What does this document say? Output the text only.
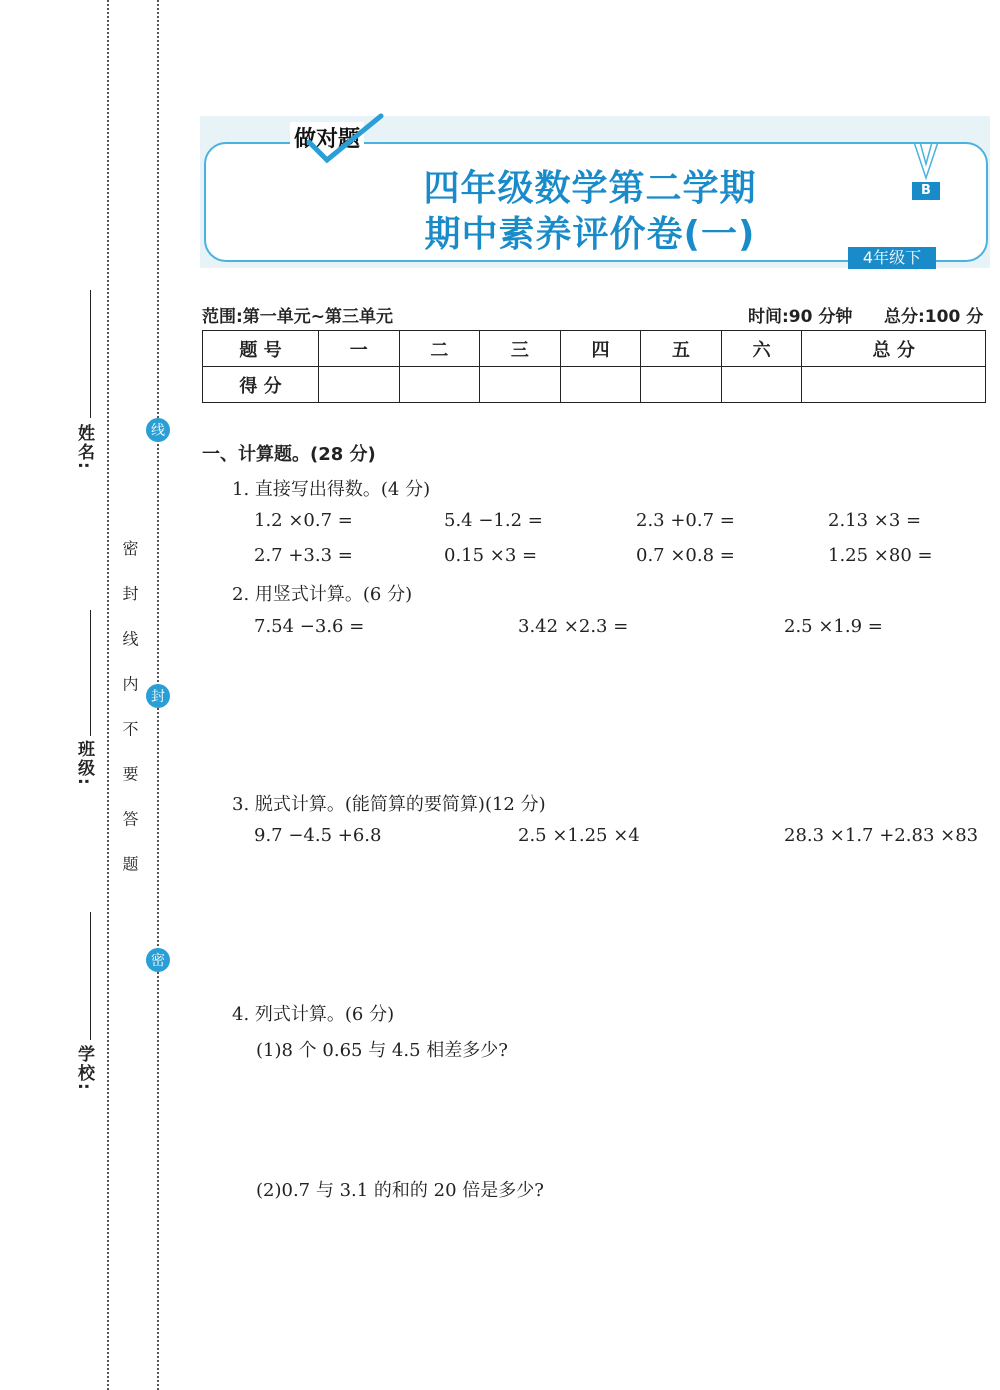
姓名:
班级:
学校:
线
封
密
密 封 线 内 不 要 答 题
做对题
四年级数学第二学期
期中素养评价卷(一)
B
4年级下
范围:第一单元~第三单元	时间:90 分钟 总分:100 分
题 号	一	二	三	四	五	六	总 分
得 分							
一、计算题。(28 分)
1. 直接写出得数。(4 分)
1.2 ×0.7 =	5.4 −1.2 =	2.3 +0.7 =	2.13 ×3 =
2.7 +3.3 =	0.15 ×3 =	0.7 ×0.8 =	1.25 ×80 =
2. 用竖式计算。(6 分)
7.54 −3.6 =	3.42 ×2.3 =	2.5 ×1.9 =
3. 脱式计算。(能简算的要简算)(12 分)
9.7 −4.5 +6.8	2.5 ×1.25 ×4	28.3 ×1.7 +2.83 ×83
4. 列式计算。(6 分)
(1)8 个 0.65 与 4.5 相差多少?
(2)0.7 与 3.1 的和的 20 倍是多少?
